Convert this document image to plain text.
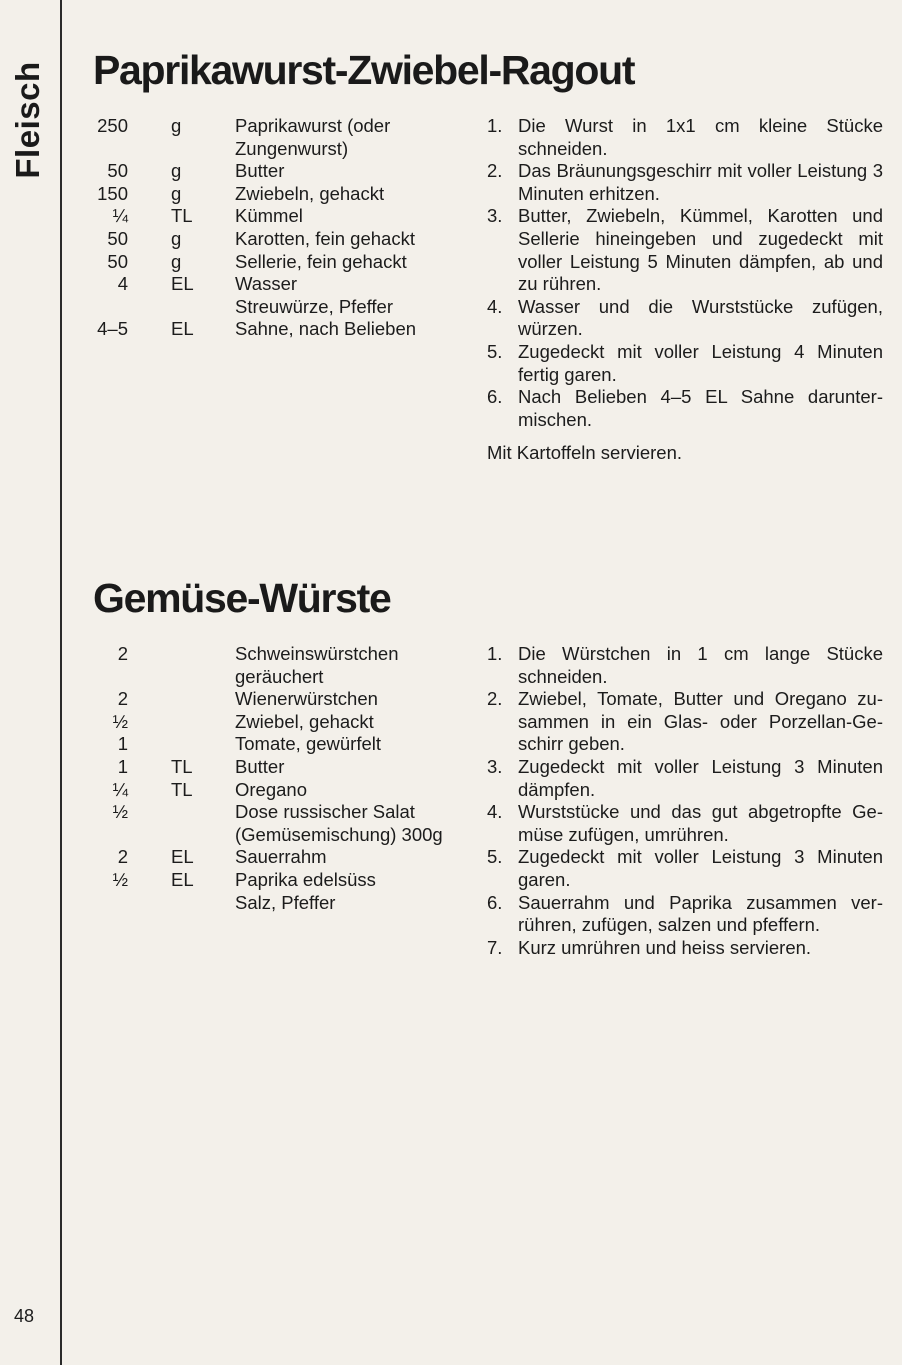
Fleisch
48
Paprikawurst-Zwiebel-Ragout
250 g	Paprikawurst (oder
Zungenwurst)
50 g	Butter
150 g	Zwiebeln, gehackt
¼ TL Kümmel
50 g	Karotten, fein gehackt
50 g	Sellerie, fein gehackt
4 EL Wasser
Streuwürze, Pfeffer
4–5 EL Sahne, nach Belieben
1. Die Wurst in 1x1 cm kleine Stücke schneiden.
2. Das Bräunungsgeschirr mit voller Leistung 3 Minuten erhitzen.
3. Butter, Zwiebeln, Kümmel, Karotten und Sellerie hineingeben und zugedeckt mit voller Leistung 5 Minuten dämpfen, ab und zu rühren.
4. Wasser und die Wurststücke zufügen, würzen.
5. Zugedeckt mit voller Leistung 4 Minuten fertig garen.
6. Nach Belieben 4–5 EL Sahne daruntermischen.
Mit Kartoffeln servieren.
Gemüse-Würste
2	Schweinswürstchen
geräuchert
2	Wienerwürstchen
½	Zwiebel, gehackt
1	Tomate, gewürfelt
1 TL Butter
¼ TL Oregano
½	Dose russischer Salat
(Gemüsemischung) 300g
2 EL Sauerrahm
½ EL Paprika edelsüss
Salz, Pfeffer
1. Die Würstchen in 1 cm lange Stücke schneiden.
2. Zwiebel, Tomate, Butter und Oregano zusammen in ein Glas- oder Porzellan-Geschirr geben.
3. Zugedeckt mit voller Leistung 3 Minuten dämpfen.
4. Wurststücke und das gut abgetropfte Gemüse zufügen, umrühren.
5. Zugedeckt mit voller Leistung 3 Minuten garen.
6. Sauerrahm und Paprika zusammen verrühren, zufügen, salzen und pfeffern.
7. Kurz umrühren und heiss servieren.
